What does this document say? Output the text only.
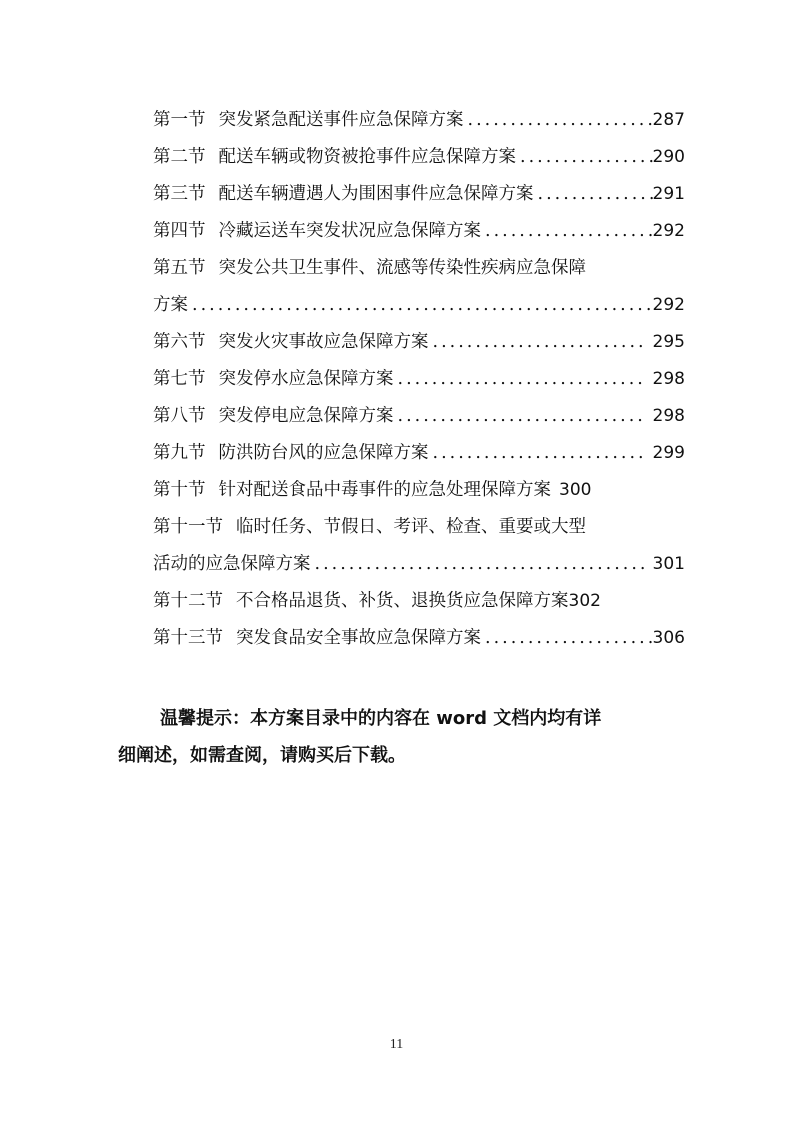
第一节 突发紧急配送事件应急保障方案 .....	287
第二节 配送车辆或物资被抢事件应急保障方案 .....	290
第三节 配送车辆遭遇人为围困事件应急保障方案 .....	291
第四节 冷藏运送车突发状况应急保障方案 .....	292
第五节 突发公共卫生事件、流感等传染性疾病应急保障
方案 .....	292
第六节 突发火灾事故应急保障方案 .....	295
第七节 突发停水应急保障方案 .....	298
第八节 突发停电应急保障方案 .....	298
第九节 防洪防台风的应急保障方案 .....	299
第十节 针对配送食品中毒事件的应急处理保障方案 300
第十一节 临时任务、节假日、考评、检查、重要或大型
活动的应急保障方案 .....	301
第十二节 不合格品退货、补货、退换货应急保障方案 302
第十三节 突发食品安全事故应急保障方案 .....	306
温馨提示：本方案目录中的内容在 word 文档内均有详
细阐述，如需查阅，请购买后下载。
11
